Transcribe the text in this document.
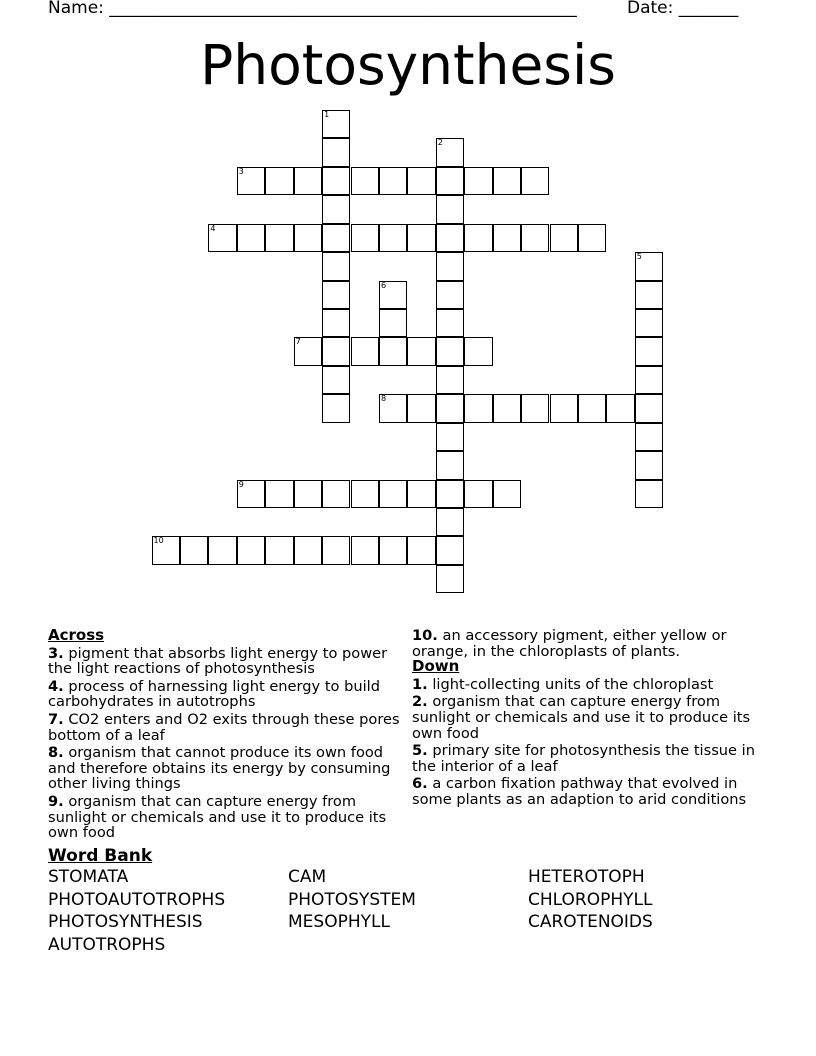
Name: _______________________________________________________	Date: _______
Photosynthesis
1
2
3
4
5
6
7
8
9
10
Across
3. pigment that absorbs light energy to power the light reactions of photosynthesis
4. process of harnessing light energy to build carbohydrates in autotrophs
7. CO2 enters and O2 exits through these pores bottom of a leaf
8. organism that cannot produce its own food and therefore obtains its energy by consuming other living things
9. organism that can capture energy from sunlight or chemicals and use it to produce its own food
10. an accessory pigment, either yellow or orange, in the chloroplasts of plants.
Down
1. light-collecting units of the chloroplast
2. organism that can capture energy from sunlight or chemicals and use it to produce its own food
5. primary site for photosynthesis the tissue in the interior of a leaf
6. a carbon fixation pathway that evolved in some plants as an adaption to arid conditions
Word Bank
STOMATA
PHOTOAUTOTROPHS
PHOTOSYNTHESIS
AUTOTROPHS
CAM
PHOTOSYSTEM
MESOPHYLL
HETEROTOPH
CHLOROPHYLL
CAROTENOIDS
